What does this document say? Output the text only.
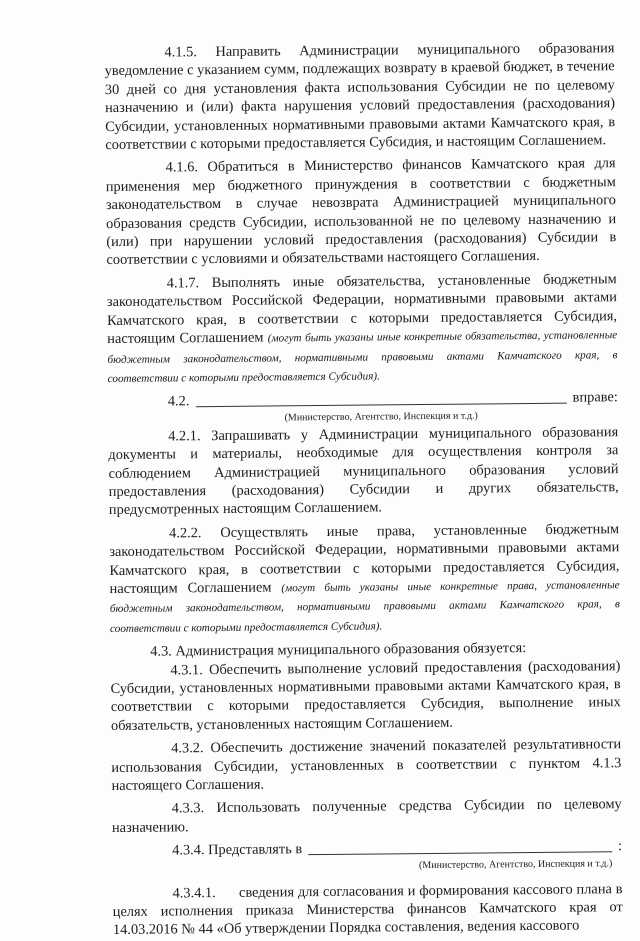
4.1.5. Направить Администрации муниципального образования уведомление с указанием сумм, подлежащих возврату в краевой бюджет, в течение 30 дней со дня установления факта использования Субсидии не по целевому назначению и (или) факта нарушения условий предоставления (расходования) Субсидии, установленных нормативными правовыми актами Камчатского края, в соответствии с которыми предоставляется Субсидия, и настоящим Соглашением.

4.1.6. Обратиться в Министерство финансов Камчатского края для применения мер бюджетного принуждения в соответствии с бюджетным законодательством в случае невозврата Администрацией муниципального образования средств Субсидии, использованной не по целевому назначению и (или) при нарушении условий предоставления (расходования) Субсидии в соответствии с условиями и обязательствами настоящего Соглашения.

4.1.7. Выполнять иные обязательства, установленные бюджетным законодательством Российской Федерации, нормативными правовыми актами Камчатского края, в соответствии с которыми предоставляется Субсидия, настоящим Соглашением (могут быть указаны иные конкретные обязательства, установленные бюджетным законодательством, нормативными правовыми актами Камчатского края, в соответствии с которыми предоставляется Субсидия).

4.2.
(Министерство, Агентство, Инспекция и т.д.)
вправе:

4.2.1. Запрашивать у Администрации муниципального образования документы и материалы, необходимые для осуществления контроля за соблюдением Администрацией муниципального образования условий предоставления (расходования) Субсидии и других обязательств, предусмотренных настоящим Соглашением.

4.2.2. Осуществлять иные права, установленные бюджетным законодательством Российской Федерации, нормативными правовыми актами Камчатского края, в соответствии с которыми предоставляется Субсидия, настоящим Соглашением (могут быть указаны иные конкретные права, установленные бюджетным законодательством, нормативными правовыми актами Камчатского края, в соответствии с которыми предоставляется Субсидия).

4.3. Администрация муниципального образования обязуется:

4.3.1. Обеспечить выполнение условий предоставления (расходования) Субсидии, установленных нормативными правовыми актами Камчатского края, в соответствии с которыми предоставляется Субсидия, выполнение иных обязательств, установленных настоящим Соглашением.

4.3.2. Обеспечить достижение значений показателей результативности использования Субсидии, установленных в соответствии с пунктом 4.1.3 настоящего Соглашения.

4.3.3. Использовать полученные средства Субсидии по целевому назначению.

4.3.4. Представлять в
(Министерство, Агентство, Инспекция и т.д.)
:

4.3.4.1. сведения для согласования и формирования кассового плана в целях исполнения приказа Министерства финансов Камчатского края от 14.03.2016 № 44 «Об утверждении Порядка составления, ведения кассового
